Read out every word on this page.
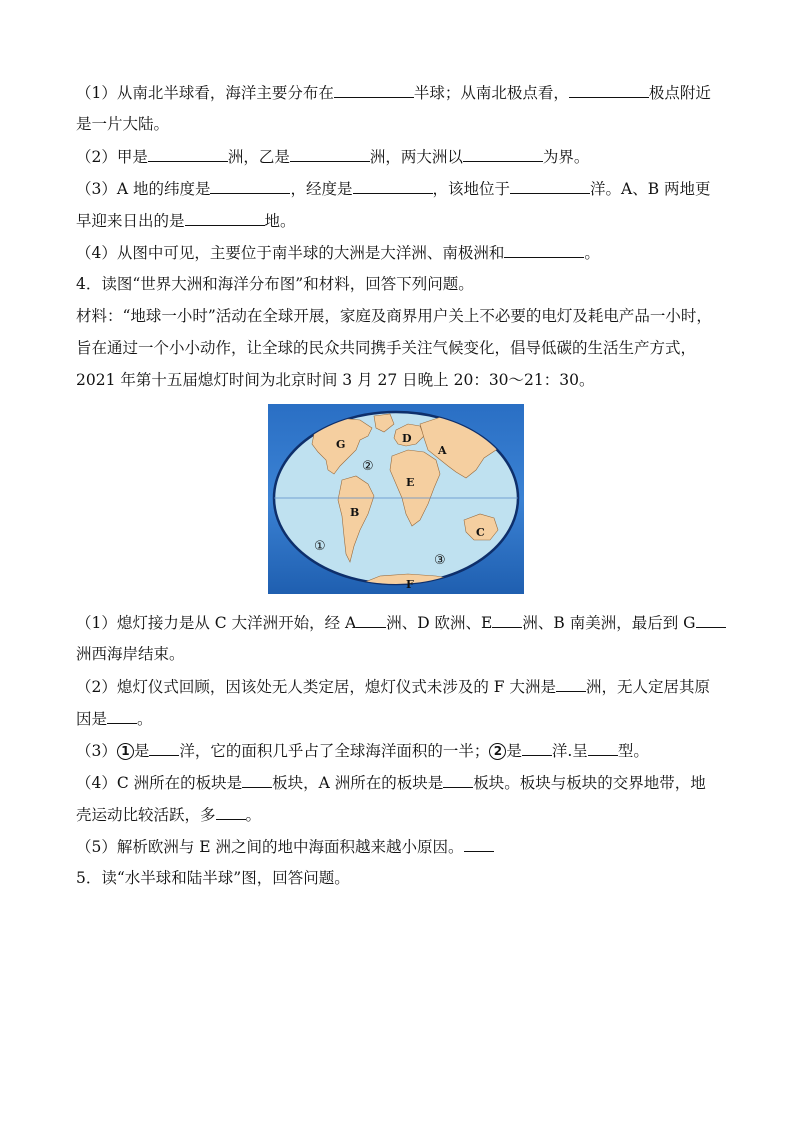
（1）从南北半球看，海洋主要分布在	半球；从南北极点看，	极点附近
是一片大陆。
（2）甲是	洲，乙是	洲，两大洲以	为界。
（3）A 地的纬度是	，经度是	，该地位于	洋。A、B 两地更
早迎来日出的是	地。
（4）从图中可见，主要位于南半球的大洲是大洋洲、南极洲和	。
4．读图“世界大洲和海洋分布图”和材料，回答下列问题。
材料：“地球一小时”活动在全球开展，家庭及商界用户关上不必要的电灯及耗电产品一小时，
旨在通过一个小小动作，让全球的民众共同携手关注气候变化，倡导低碳的生活生产方式，
2021 年第十五届熄灯时间为北京时间 3 月 27 日晚上 20：30～21：30。
G	D
A
E
B
C
F
①
②
③
（1）熄灯接力是从 C 大洋洲开始，经 A 洲、D 欧洲、E 洲、B 南美洲，最后到 G
洲西海岸结束。
（2）熄灯仪式回顾，因该处无人类定居，熄灯仪式未涉及的 F 大洲是 洲，无人定居其原
因是 。
（3） 1 是 洋，它的面积几乎占了全球海洋面积的一半； 2 是 洋.呈 型。
（4）C 洲所在的板块是 板块，A 洲所在的板块是 板块。板块与板块的交界地带，地
壳运动比较活跃，多 。
（5）解析欧洲与 E 洲之间的地中海面积越来越小原因。
5．读“水半球和陆半球”图，回答问题。
